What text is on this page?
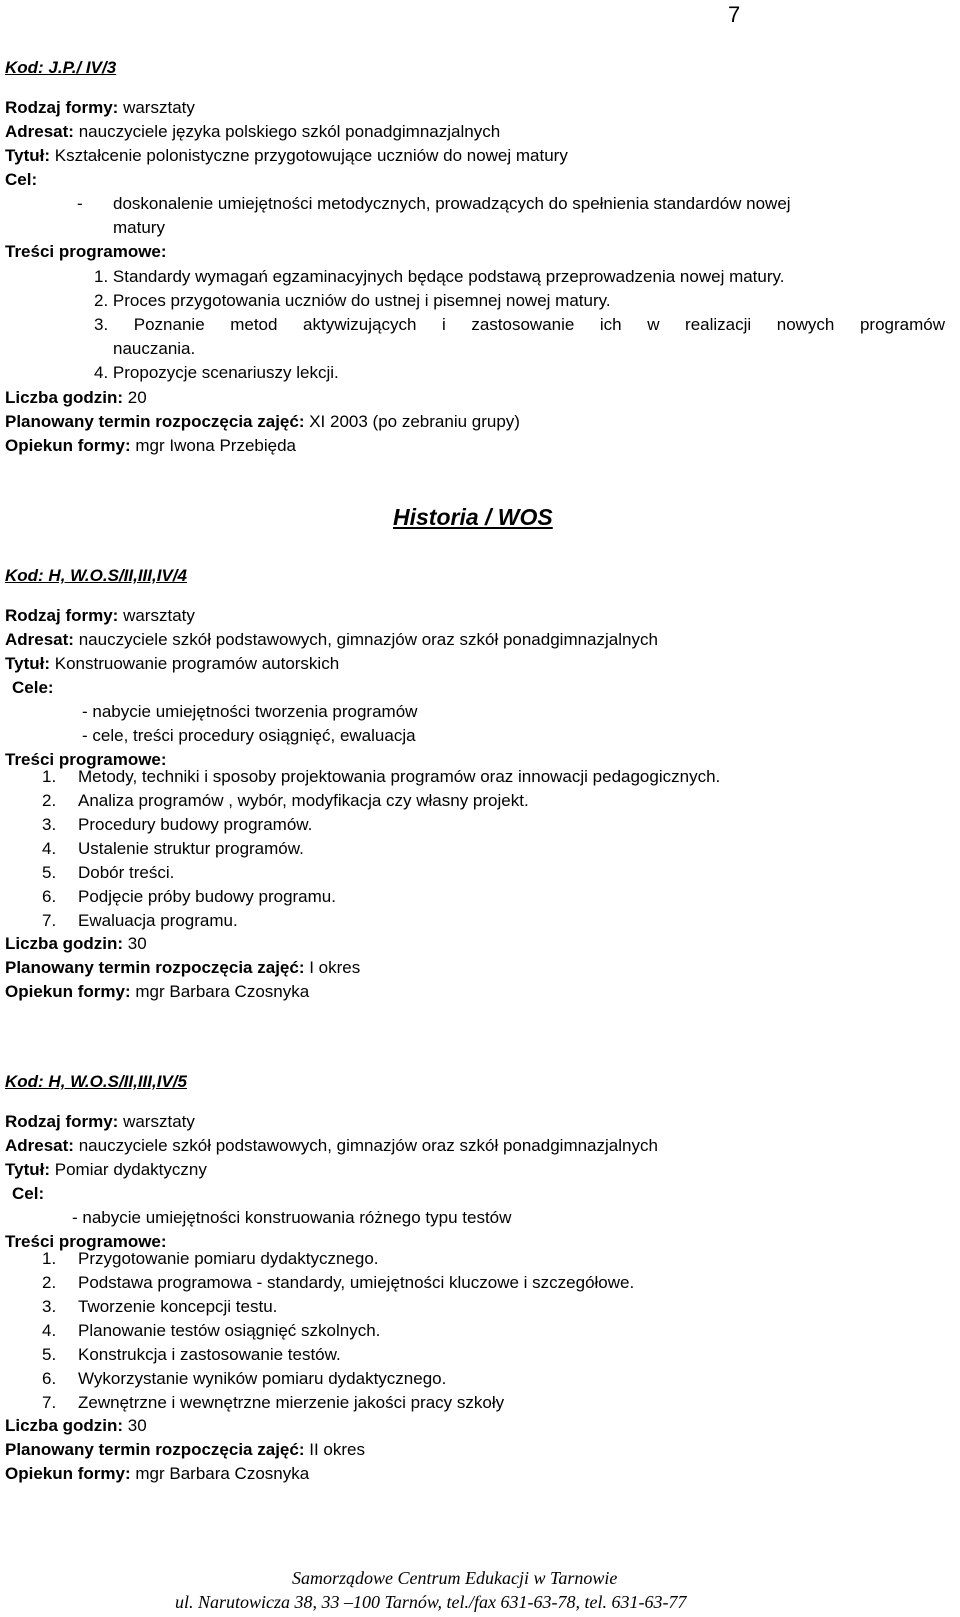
7
Kod: J.P./ IV/3
Rodzaj formy: warsztaty
Adresat: nauczyciele języka polskiego szkól ponadgimnazjalnych
Tytuł: Kształcenie polonistyczne przygotowujące uczniów do nowej matury
Cel:
- doskonalenie umiejętności metodycznych, prowadzących do spełnienia standardów nowej
matury
Treści programowe:
1. Standardy wymagań egzaminacyjnych będące podstawą przeprowadzenia nowej matury.
2. Proces przygotowania uczniów do ustnej i pisemnej nowej matury.
3. Poznanie metod aktywizujących i zastosowanie ich w realizacji nowych programów
nauczania.
4. Propozycje scenariuszy lekcji.
Liczba godzin: 20
Planowany termin rozpoczęcia zajęć: XI 2003 (po zebraniu grupy)
Opiekun formy: mgr Iwona Przebięda
Historia / WOS
Kod: H, W.O.S/II,III,IV/4
Rodzaj formy: warsztaty
Adresat: nauczyciele szkół podstawowych, gimnazjów oraz szkół ponadgimnazjalnych
Tytuł: Konstruowanie programów autorskich
Cele:
- nabycie umiejętności tworzenia programów
- cele, treści procedury osiągnięć, ewaluacja
Treści programowe:
1. Metody, techniki i sposoby projektowania programów oraz innowacji pedagogicznych.
2. Analiza programów , wybór, modyfikacja czy własny projekt.
3. Procedury budowy programów.
4. Ustalenie struktur programów.
5. Dobór treści.
6. Podjęcie próby budowy programu.
7. Ewaluacja programu.
Liczba godzin: 30
Planowany termin rozpoczęcia zajęć: I okres
Opiekun formy: mgr Barbara Czosnyka
Kod: H, W.O.S/II,III,IV/5
Rodzaj formy: warsztaty
Adresat: nauczyciele szkół podstawowych, gimnazjów oraz szkół ponadgimnazjalnych
Tytuł: Pomiar dydaktyczny
Cel:
- nabycie umiejętności konstruowania różnego typu testów
Treści programowe:
1. Przygotowanie pomiaru dydaktycznego.
2. Podstawa programowa - standardy, umiejętności kluczowe i szczegółowe.
3. Tworzenie koncepcji testu.
4. Planowanie testów osiągnięć szkolnych.
5. Konstrukcja i zastosowanie testów.
6. Wykorzystanie wyników pomiaru dydaktycznego.
7. Zewnętrzne i wewnętrzne mierzenie jakości pracy szkoły
Liczba godzin: 30
Planowany termin rozpoczęcia zajęć: II okres
Opiekun formy: mgr Barbara Czosnyka
Samorządowe Centrum Edukacji w Tarnowie
ul. Narutowicza 38, 33 –100 Tarnów, tel./fax 631-63-78, tel. 631-63-77
